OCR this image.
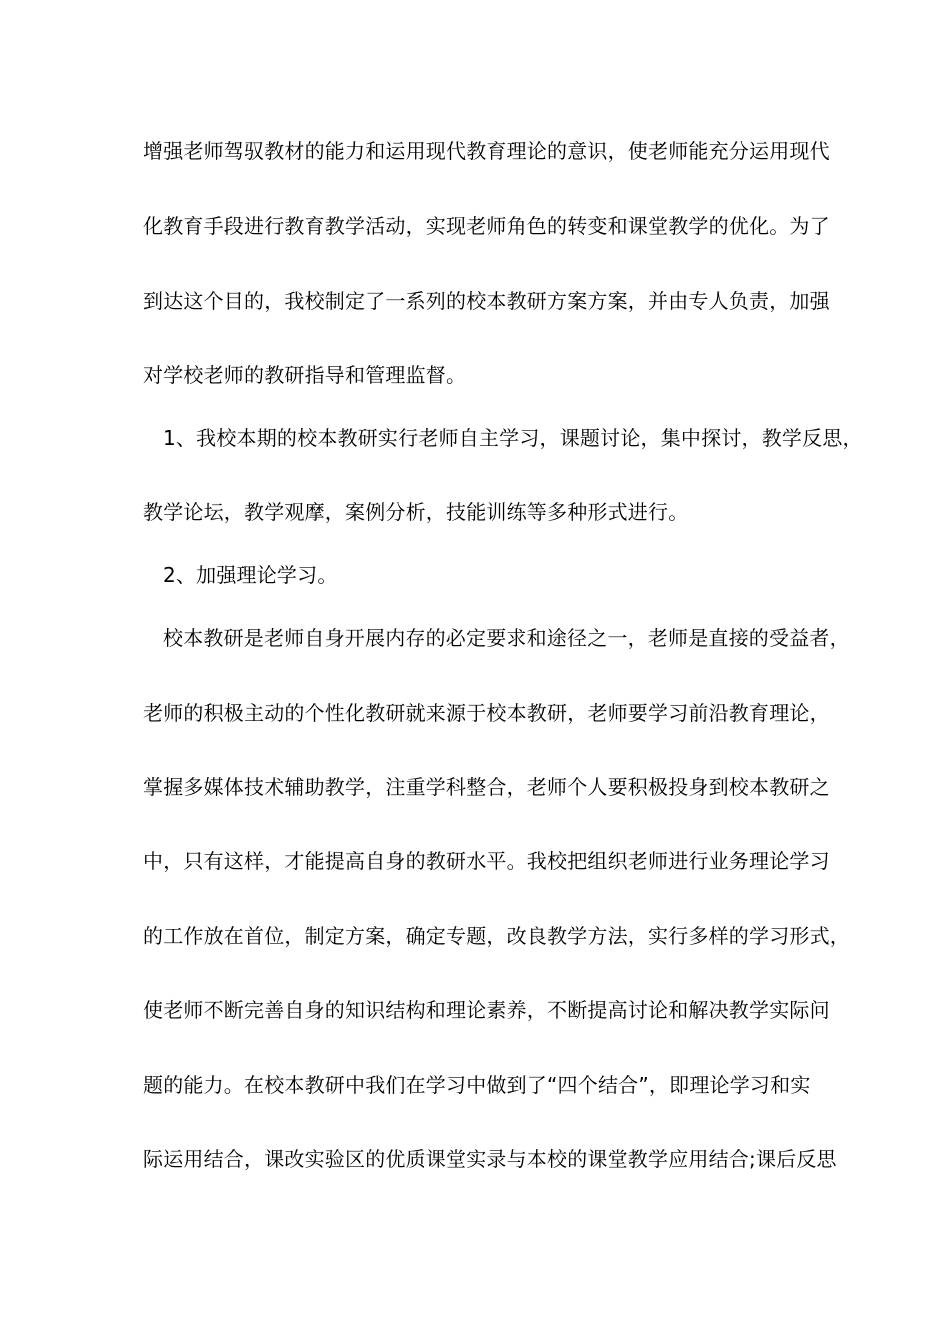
增强老师驾驭教材的能力和运用现代教育理论的意识，使老师能充分运用现代
化教育手段进行教育教学活动，实现老师角色的转变和课堂教学的优化。为了
到达这个目的，我校制定了一系列的校本教研方案方案，并由专人负责，加强
对学校老师的教研指导和管理监督。
1、我校本期的校本教研实行老师自主学习，课题讨论，集中探讨，教学反思，
教学论坛，教学观摩，案例分析，技能训练等多种形式进行。
2、加强理论学习。
校本教研是老师自身开展内存的必定要求和途径之一，老师是直接的受益者，
老师的积极主动的个性化教研就来源于校本教研，老师要学习前沿教育理论，
掌握多媒体技术辅助教学，注重学科整合，老师个人要积极投身到校本教研之
中，只有这样，才能提高自身的教研水平。我校把组织老师进行业务理论学习
的工作放在首位，制定方案，确定专题，改良教学方法，实行多样的学习形式，
使老师不断完善自身的知识结构和理论素养，不断提高讨论和解决教学实际问
题的能力。在校本教研中我们在学习中做到了“四个结合”，即理论学习和实
际运用结合，课改实验区的优质课堂实录与本校的课堂教学应用结合;课后反思
